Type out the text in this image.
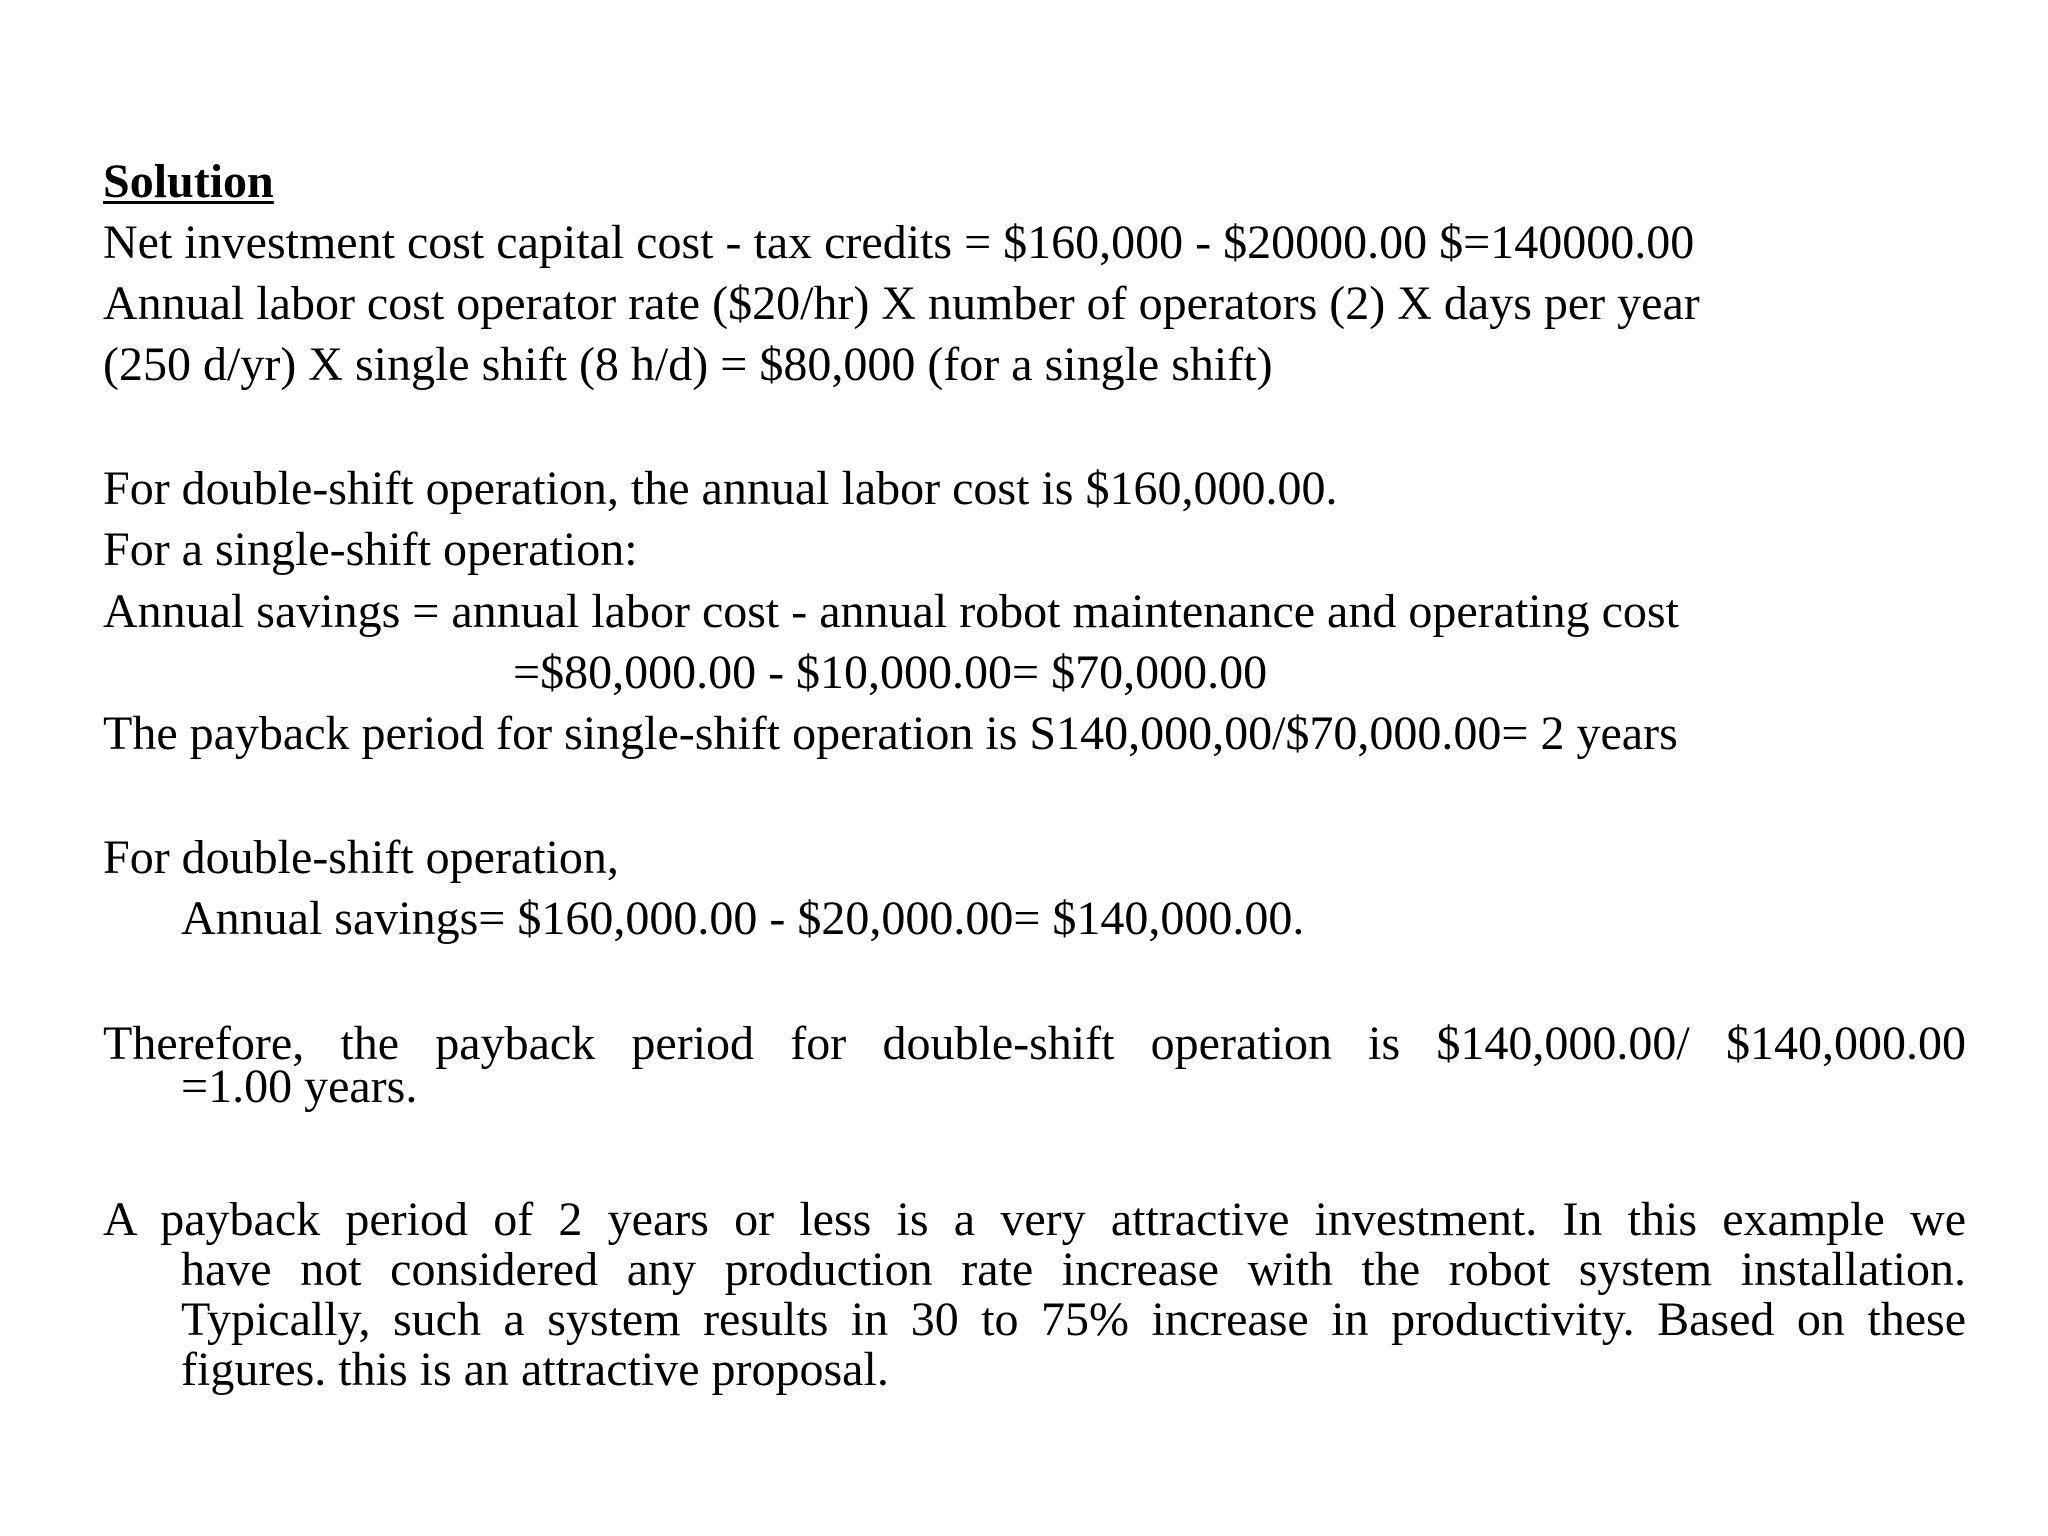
Solution
Net investment cost capital cost - tax credits = $160,000 - $20000.00 $=140000.00
Annual labor cost operator rate ($20/hr) X number of operators (2) X days per year
(250 d/yr) X single shift (8 h/d) = $80,000 (for a single shift)
For double-shift operation, the annual labor cost is $160,000.00.
For a single-shift operation:
Annual savings = annual labor cost - annual robot maintenance and operating cost
=$80,000.00 - $10,000.00= $70,000.00
The payback period for single-shift operation is S140,000,00/$70,000.00= 2 years
For double-shift operation,
Annual savings= $160,000.00 - $20,000.00= $140,000.00.
Therefore, the payback period for double-shift operation is $140,000.00/ $140,000.00
=1.00 years.
A payback period of 2 years or less is a very attractive investment. In this example we
have not considered any production rate increase with the robot system installation.
Typically, such a system results in 30 to 75% increase in productivity. Based on these
figures. this is an attractive proposal.
